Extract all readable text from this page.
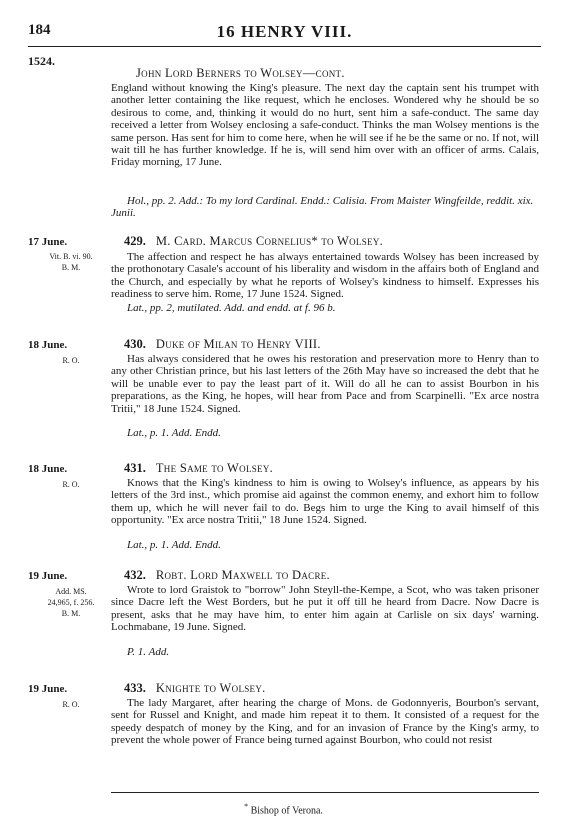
184	16 HENRY VIII.
1524.
John Lord Berners to Wolsey—cont.
England without knowing the King's pleasure. The next day the captain sent his trumpet with another letter containing the like request, which he encloses. Wondered why he should be so desirous to come, and, thinking it would do no hurt, sent him a safe-conduct. The same day received a letter from Wolsey enclosing a safe-conduct. Thinks the man Wolsey mentions is the same person. Has sent for him to come here, when he will see if he be the same or no. If not, will wait till he has further knowledge. If he is, will send him over with an officer of arms. Calais, Friday morning, 17 June.
Hol., pp. 2. Add.: To my lord Cardinal. Endd.: Calisia. From Maister Wingfeilde, reddit. xix. Junii.
17 June.
Vit. B. vi. 90.
B. M.
429. M. Card. Marcus Cornelius* to Wolsey.
The affection and respect he has always entertained towards Wolsey has been increased by the prothonotary Casale's account of his liberality and wisdom in the affairs both of England and the Church, and especially by what he reports of Wolsey's kindness to himself. Expresses his readiness to serve him. Rome, 17 June 1524. Signed.
Lat., pp. 2, mutilated. Add. and endd. at f. 96 b.
18 June.
R. O.
430. Duke of Milan to Henry VIII.
Has always considered that he owes his restoration and preservation more to Henry than to any other Christian prince, but his last letters of the 26th May have so increased the debt that he will be unable ever to pay the least part of it. Will do all he can to assist Bourbon in his preparations, as the King, he hopes, will hear from Pace and from Scarpinelli. "Ex arce nostra Tritii," 18 June 1524. Signed.
Lat., p. 1. Add. Endd.
18 June.
R. O.
431. The Same to Wolsey.
Knows that the King's kindness to him is owing to Wolsey's influence, as appears by his letters of the 3rd inst., which promise aid against the common enemy, and exhort him to follow them up, which he will never fail to do. Begs him to urge the King to avail himself of this opportunity. "Ex arce nostra Tritii," 18 June 1524. Signed.
Lat., p. 1. Add. Endd.
19 June.
Add. MS.
24,965, f. 256.
B. M.
432. Robt. Lord Maxwell to Dacre.
Wrote to lord Graistok to "borrow" John Steyll-the-Kempe, a Scot, who was taken prisoner since Dacre left the West Borders, but he put it off till he heard from Dacre. Now Dacre is present, asks that he may have him, to enter him again at Carlisle on six days' warning. Lochmabane, 19 June. Signed.
P. 1. Add.
19 June.
R. O.
433. Knighte to Wolsey.
The lady Margaret, after hearing the charge of Mons. de Godonnyeris, Bourbon's servant, sent for Russel and Knight, and made him repeat it to them. It consisted of a request for the speedy despatch of money by the King, and for an invasion of France by the King's army, to prevent the whole power of France being turned against Bourbon, who could not resist
* Bishop of Verona.
